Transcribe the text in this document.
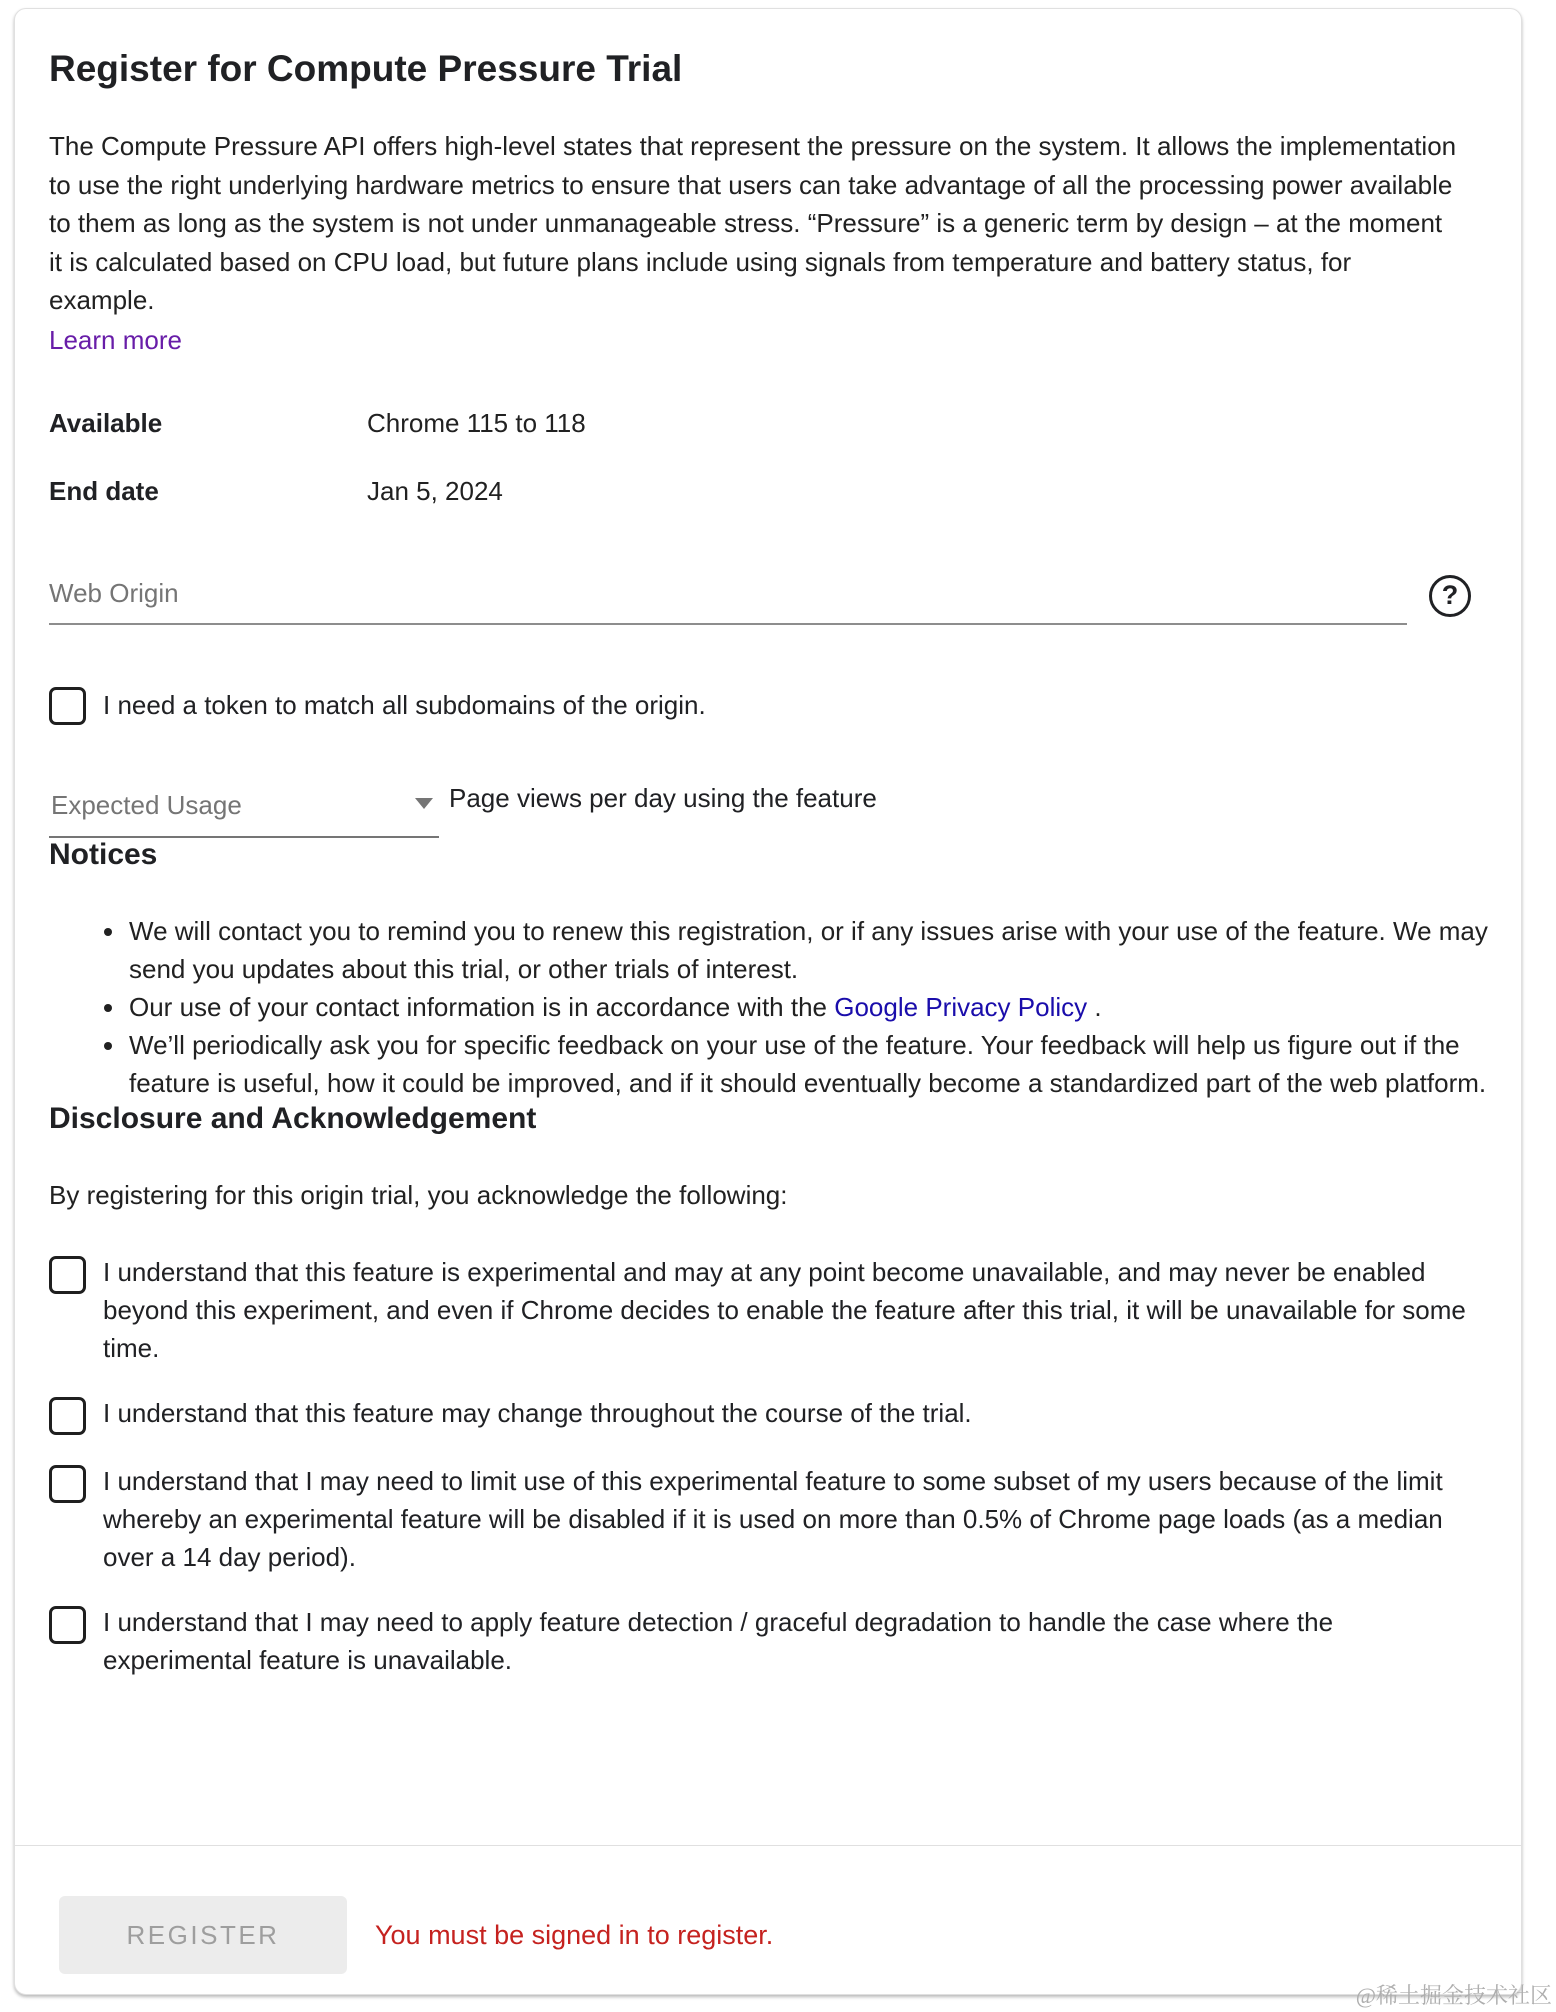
Register for Compute Pressure Trial

The Compute Pressure API offers high-level states that represent the pressure on the system. It allows the implementation to use the right underlying hardware metrics to ensure that users can take advantage of all the processing power available to them as long as the system is not under unmanageable stress. “Pressure” is a generic term by design – at the moment it is calculated based on CPU load, but future plans include using signals from temperature and battery status, for example.

Learn more
Available	Chrome 115 to 118
End date	Jan 5, 2024
Web Origin
?
I need a token to match all subdomains of the origin.
Expected Usage	Page views per day using the feature
Notices
• We will contact you to remind you to renew this registration, or if any issues arise with your use of the feature. We may send you updates about this trial, or other trials of interest.
• Our use of your contact information is in accordance with the Google Privacy Policy .
• We’ll periodically ask you for specific feedback on your use of the feature. Your feedback will help us figure out if the feature is useful, how it could be improved, and if it should eventually become a standardized part of the web platform.
Disclosure and Acknowledgement

By registering for this origin trial, you acknowledge the following:

I understand that this feature is experimental and may at any point become unavailable, and may never be enabled beyond this experiment, and even if Chrome decides to enable the feature after this trial, it will be unavailable for some time.
I understand that this feature may change throughout the course of the trial.
I understand that I may need to limit use of this experimental feature to some subset of my users because of the limit whereby an experimental feature will be disabled if it is used on more than 0.5% of Chrome page loads (as a median over a 14 day period).
I understand that I may need to apply feature detection / graceful degradation to handle the case where the experimental feature is unavailable.
REGISTER	You must be signed in to register.
@稀土掘金技术社区
